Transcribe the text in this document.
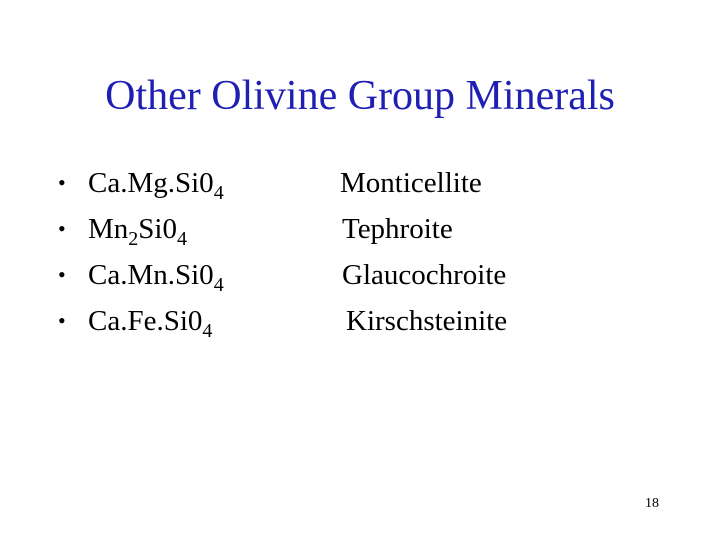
Other Olivine Group Minerals
• $Ca.Mg.Si0_4$	Monticellite
• $Mn_2Si0_4$	Tephroite
• $Ca.Mn.Si0_4$	Glaucochroite
• $Ca.Fe.Si0_4$	Kirschsteinite
18
